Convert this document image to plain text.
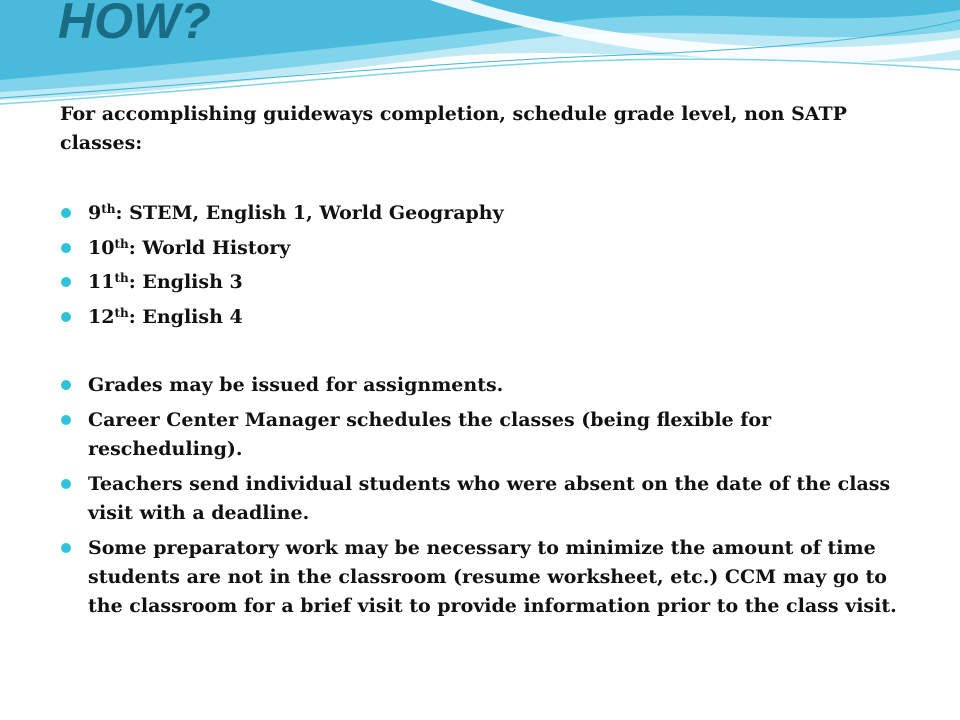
HOW?

For accomplishing guideways completion, schedule grade level, non SATP classes:

9th: STEM, English 1, World Geography
10th: World History
11th: English 3
12th: English 4
Grades may be issued for assignments.
Career Center Manager schedules the classes (being flexible for rescheduling).
Teachers send individual students who were absent on the date of the class visit with a deadline.
Some preparatory work may be necessary to minimize the amount of time students are not in the classroom (resume worksheet, etc.) CCM may go to the classroom for a brief visit to provide information prior to the class visit.
